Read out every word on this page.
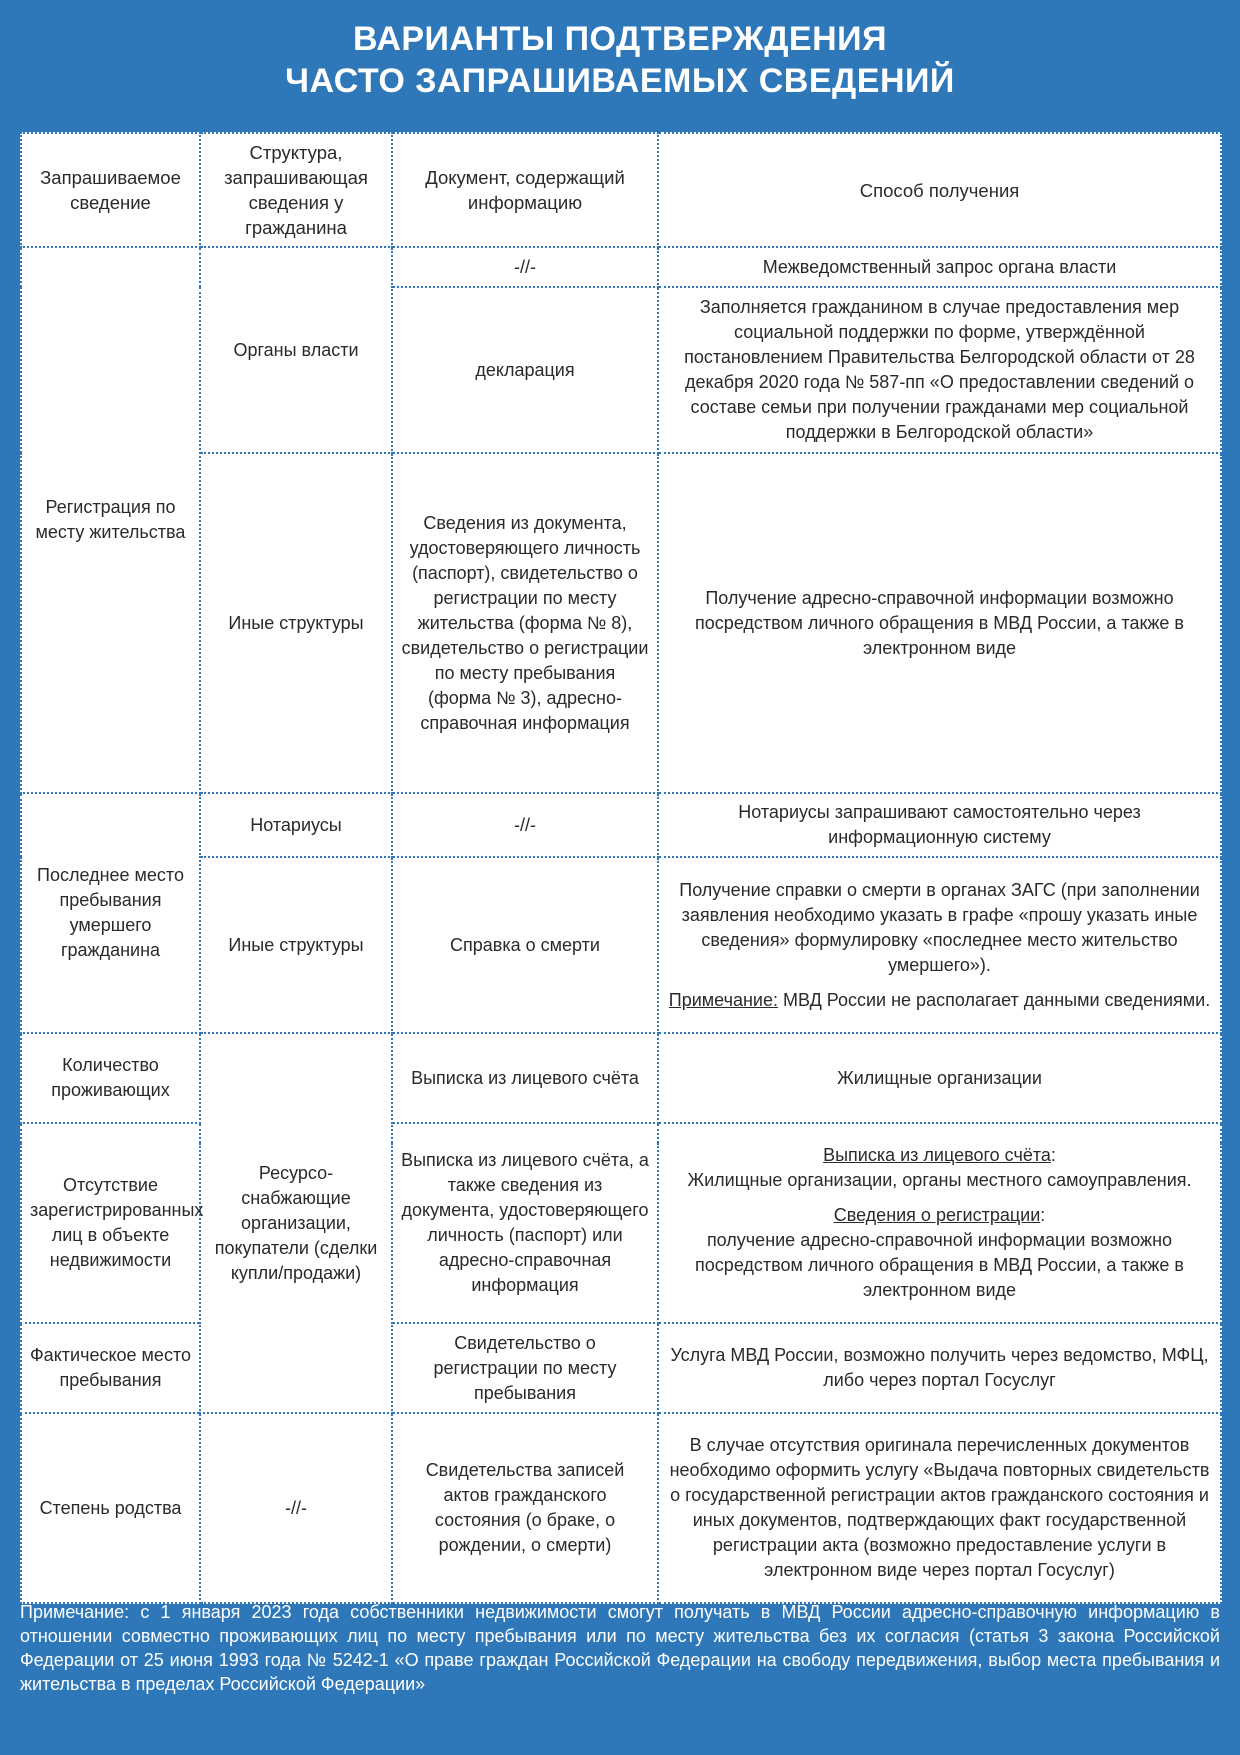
ВАРИАНТЫ ПОДТВЕРЖДЕНИЯ
ЧАСТО ЗАПРАШИВАЕМЫХ СВЕДЕНИЙ
Запрашиваемое сведение	Структура, запрашивающая сведения у гражданина	Документ, содержащий информацию	Способ получения
Регистрация по месту жительства	Органы власти	-//-	Межведомственный запрос органа власти
		декларация	Заполняется гражданином в случае предоставления мер социальной поддержки по форме, утверждённой постановлением Правительства Белгородской области от 28 декабря 2020 года № 587-пп «О предоставлении сведений о составе семьи при получении гражданами мер социальной поддержки в Белгородской области»
	Иные структуры	Сведения из документа, удостоверяющего личность (паспорт), свидетельство о регистрации по месту жительства (форма № 8), свидетельство о регистрации по месту пребывания (форма № 3), адресно-справочная информация	Получение адресно-справочной информации возможно посредством личного обращения в МВД России, а также в электронном виде
Последнее место пребывания умершего гражданина	Нотариусы	-//-	Нотариусы запрашивают самостоятельно через информационную систему
	Иные структуры	Справка о смерти	Получение справки о смерти в органах ЗАГС (при заполнении заявления необходимо указать в графе «прошу указать иные сведения» формулировку «последнее место жительство умершего»).

Примечание: МВД России не располагает данными сведениями.

Количество проживающих	Ресурсо-снабжающие организации, покупатели (сделки купли/продажи)	Выписка из лицевого счёта	Жилищные организации
Отсутствие зарегистрированных лиц в объекте недвижимости		Выписка из лицевого счёта, а также сведения из документа, удостоверяющего личность (паспорт) или адресно-справочная информация	Выписка из лицевого счёта:
Жилищные организации, органы местного самоуправления.

Сведения о регистрации:
получение адресно-справочной информации возможно посредством личного обращения в МВД России, а также в электронном виде

Фактическое место пребывания		Свидетельство о регистрации по месту пребывания	Услуга МВД России, возможно получить через ведомство, МФЦ, либо через портал Госуслуг
Степень родства	-//-	Свидетельства записей актов гражданского состояния (о браке, о рождении, о смерти)	В случае отсутствия оригинала перечисленных документов необходимо оформить услугу «Выдача повторных свидетельств о государственной регистрации актов гражданского состояния и иных документов, подтверждающих факт государственной регистрации акта (возможно предоставление услуги в электронном виде через портал Госуслуг)
Примечание: с 1 января 2023 года собственники недвижимости смогут получать в МВД России адресно-справочную информацию в отношении совместно проживающих лиц по месту пребывания или по месту жительства без их согласия (статья 3 закона Российской Федерации от 25 июня 1993 года № 5242-1 «О праве граждан Российской Федерации на свободу передвижения, выбор места пребывания и жительства в пределах Российской Федерации»
